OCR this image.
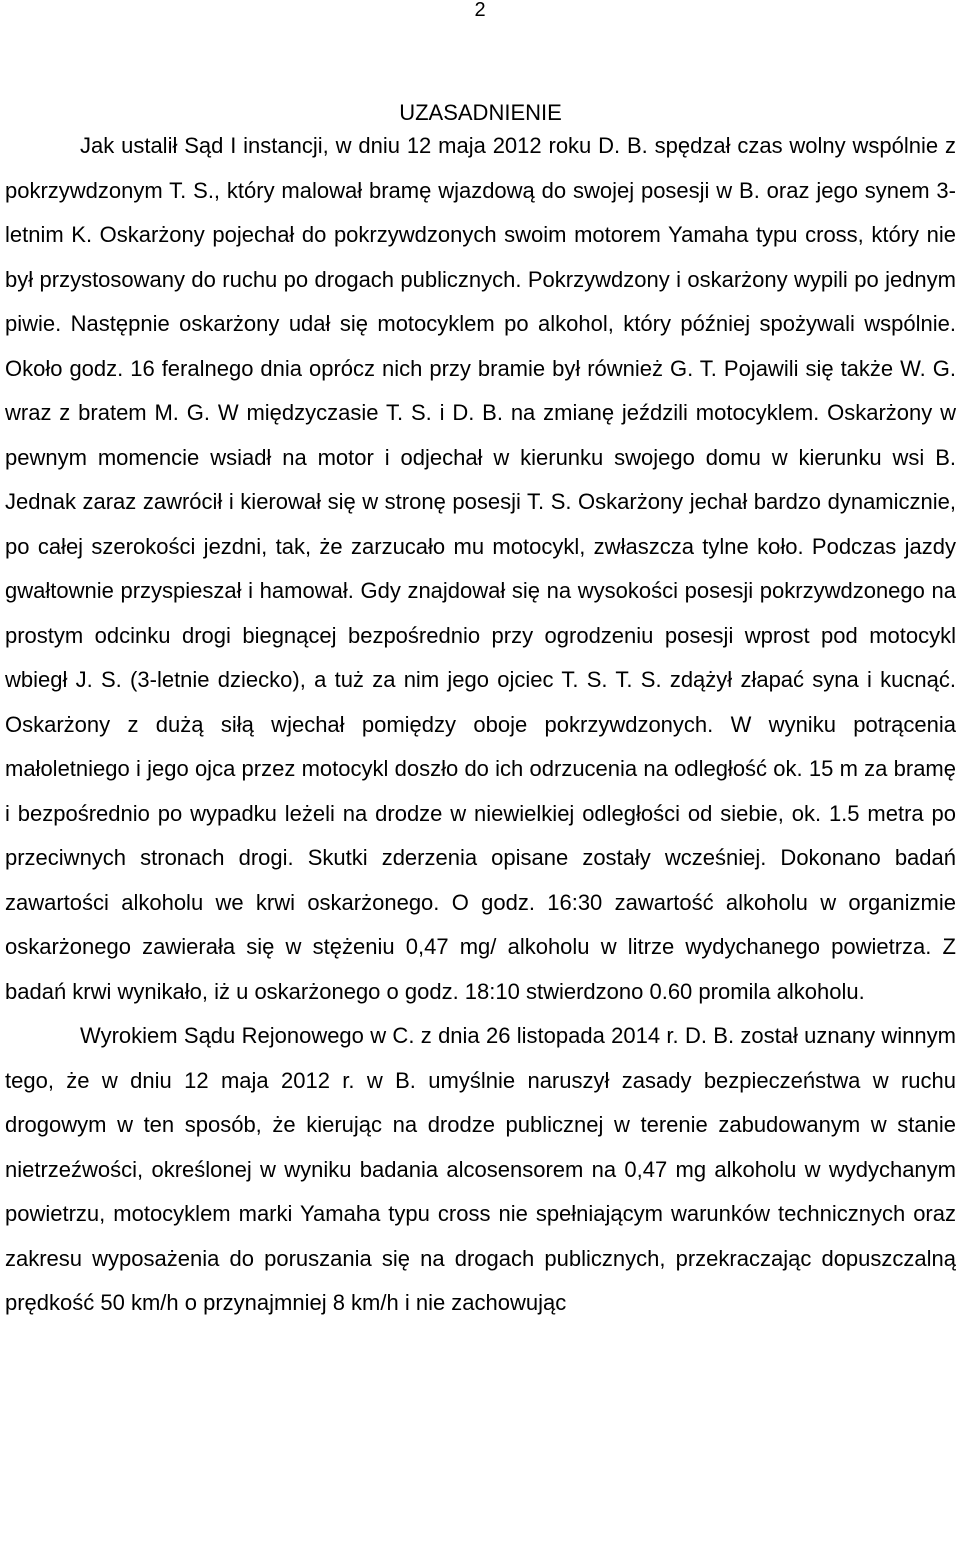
2
UZASADNIENIE

Jak ustalił Sąd I instancji, w dniu 12 maja 2012 roku D. B. spędzał czas wolny wspólnie z pokrzywdzonym T. S., który malował bramę wjazdową do swojej posesji w B. oraz jego synem 3-letnim K. Oskarżony pojechał do pokrzywdzonych swoim motorem Yamaha typu cross, który nie był przystosowany do ruchu po drogach publicznych. Pokrzywdzony i oskarżony wypili po jednym piwie. Następnie oskarżony udał się motocyklem po alkohol, który później spożywali wspólnie. Około godz. 16 feralnego dnia oprócz nich przy bramie był również G. T. Pojawili się także W. G. wraz z bratem M. G. W międzyczasie T. S. i D. B. na zmianę jeździli motocyklem. Oskarżony w pewnym momencie wsiadł na motor i odjechał w kierunku swojego domu w kierunku wsi B. Jednak zaraz zawrócił i kierował się w stronę posesji T. S. Oskarżony jechał bardzo dynamicznie, po całej szerokości jezdni, tak, że zarzucało mu motocykl, zwłaszcza tylne koło. Podczas jazdy gwałtownie przyspieszał i hamował. Gdy znajdował się na wysokości posesji pokrzywdzonego na prostym odcinku drogi biegnącej bezpośrednio przy ogrodzeniu posesji wprost pod motocykl wbiegł J. S. (3-letnie dziecko), a tuż za nim jego ojciec T. S. T. S. zdążył złapać syna i kucnąć. Oskarżony z dużą siłą wjechał pomiędzy oboje pokrzywdzonych. W wyniku potrącenia małoletniego i jego ojca przez motocykl doszło do ich odrzucenia na odległość ok. 15 m za bramę i bezpośrednio po wypadku leżeli na drodze w niewielkiej odległości od siebie, ok. 1.5 metra po przeciwnych stronach drogi. Skutki zderzenia opisane zostały wcześniej. Dokonano badań zawartości alkoholu we krwi oskarżonego. O godz. 16:30 zawartość alkoholu w organizmie oskarżonego zawierała się w stężeniu 0,47 mg/ alkoholu w litrze wydychanego powietrza. Z badań krwi wynikało, iż u oskarżonego o godz. 18:10 stwierdzono 0.60 promila alkoholu.

Wyrokiem Sądu Rejonowego w C. z dnia 26 listopada 2014 r. D. B. został uznany winnym tego, że w dniu 12 maja 2012 r. w B. umyślnie naruszył zasady bezpieczeństwa w ruchu drogowym w ten sposób, że kierując na drodze publicznej w terenie zabudowanym w stanie nietrzeźwości, określonej w wyniku badania alcosensorem na 0,47 mg alkoholu w wydychanym powietrzu, motocyklem marki Yamaha typu cross nie spełniającym warunków technicznych oraz zakresu wyposażenia do poruszania się na drogach publicznych, przekraczając dopuszczalną prędkość 50 km/h o przynajmniej 8 km/h i nie zachowując
